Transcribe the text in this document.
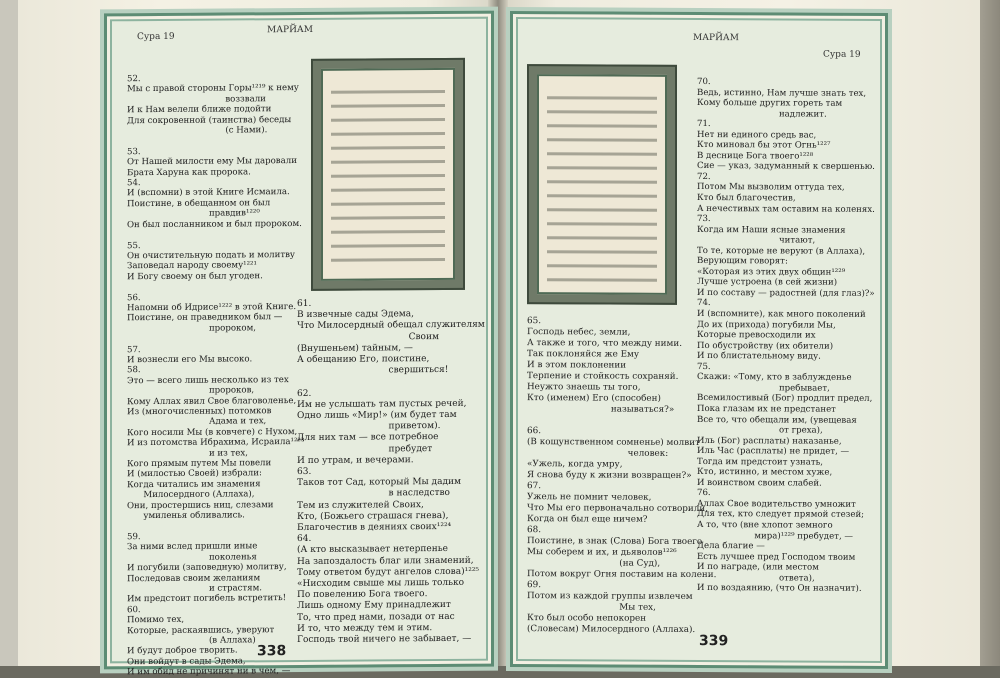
Сура 19
МАРЙАМ
52.
Мы с правой стороны Горы¹²¹⁹ к нему
воззвали
И к Нам велели ближе подойти
Для сокровенной (таинства) беседы
(с Нами).

53.
От Нашей милости ему Мы даровали
Брата Харуна как пророка.
54.
И (вспомни) в этой Книге Исмаила.
Поистине, в обещанном он был
правдив¹²²⁰
Он был посланником и был пророком.

55.
Он очистительную подать и молитву
Заповедал народу своему¹²²¹
И Богу своему он был угоден.

56.
Напомни об Идрисе¹²²² в этой Книге.
Поистине, он праведником был —
пророком,

57.
И вознесли его Мы высоко.
58.
Это — всего лишь несколько из тех
пророков,
Кому Аллах явил Свое благоволенье,
Из (многочисленных) потомков
Адама и тех,
Кого носили Мы (в ковчеге) с Нухом,
И из потомства Ибрахима, Исраила¹²²³
и из тех,
Кого прямым путем Мы повели
И (милостью Своей) избрали:
Когда читались им знамения
Милосердного (Аллаха),
Они, простершись ниц, слезами
умиленья обливались.

59.
За ними вслед пришли иные
поколенья
И погубили (заповедную) молитву,
Последовав своим желаниям
и страстям.
Им предстоит погибель встретить!
60.
Помимо тех,
Которые, раскаявшись, уверуют
(в Аллаха)
И будут доброе творить.
Они войдут в сады Эдема,
И им обид не причинят ни в чем, —
61.
В извечные сады Эдема,
Что Милосердный обещал служителям
Своим
(Внушеньем) тайным, —
А обещанию Его, поистине,
свершиться!

62.
Им не услышать там пустых речей,
Одно лишь «Мир!» (им будет там
приветом).
Для них там — все потребное
пребудет
И по утрам, и вечерами.
63.
Таков тот Сад, который Мы дадим
в наследство
Тем из служителей Своих,
Кто, (Божьего страшася гнева),
Благочестив в деяниях своих¹²²⁴
64.
(А кто высказывает нетерпенье
На запоздалость благ или знамений,
Тому ответом будут ангелов слова)¹²²⁵
«Нисходим свыше мы лишь только
По повелению Бога твоего.
Лишь одному Ему принадлежит
То, что пред нами, позади от нас
И то, что между тем и этим.
Господь твой ничего не забывает, —
338
МАРЙАМ
Сура 19
65.
Господь небес, земли,
А также и того, что между ними.
Так поклоняйся же Ему
И в этом поклонении
Терпение и стойкость сохраняй.
Неужто знаешь ты того,
Кто (именем) Его (способен)
называться?»

66.
(В кощунственном сомненье) молвит
человек:
«Ужель, когда умру,
Я снова буду к жизни возвращен?»
67.
Ужель не помнит человек,
Что Мы его первоначально сотворили,
Когда он был еще ничем?
68.
Поистине, в знак (Слова) Бога твоего
Мы соберем и их, и дьяволов¹²²⁶
(на Суд),
Потом вокруг Огня поставим на колени.
69.
Потом из каждой группы извлечем
Мы тех,
Кто был особо непокорен
(Словесам) Милосердного (Аллаха).
70.
Ведь, истинно, Нам лучше знать тех,
Кому больше других гореть там
надлежит.
71.
Нет ни единого средь вас,
Кто миновал бы этот Огнь¹²²⁷
В деснице Бога твоего¹²²⁸
Сие — указ, задуманный к свершенью.
72.
Потом Мы вызволим оттуда тех,
Кто был благочестив,
А нечестивых там оставим на коленях.
73.
Когда им Наши ясные знамения
читают,
То те, которые не веруют (в Аллаха),
Верующим говорят:
«Которая из этих двух общин¹²²⁹
Лучше устроена (в сей жизни)
И по составу — радостней (для глаз)?»
74.
И (вспомните), как много поколений
До их (прихода) погубили Мы,
Которые превосходили их
По обустройству (их обители)
И по блистательному виду.
75.
Скажи: «Тому, кто в заблужденье
пребывает,
Всемилостивый (Бог) продлит предел,
Пока глазам их не предстанет
Все то, что обещали им, (увещевая
от греха),
Иль (Бог) расплаты) наказанье,
Иль Час (расплаты) не придет, —
Тогда им предстоит узнать,
Кто, истинно, и местом хуже,
И воинством своим слабей.
76.
Аллах Свое водительство умножит
Для тех, кто следует прямой стезей;
А то, что (вне хлопот земного
мира)¹²²⁹ пребудет, —
Дела благие —
Есть лучшее пред Господом твоим
И по награде, (или местом
ответа),
И по воздаянию, (что Он назначит).
339
